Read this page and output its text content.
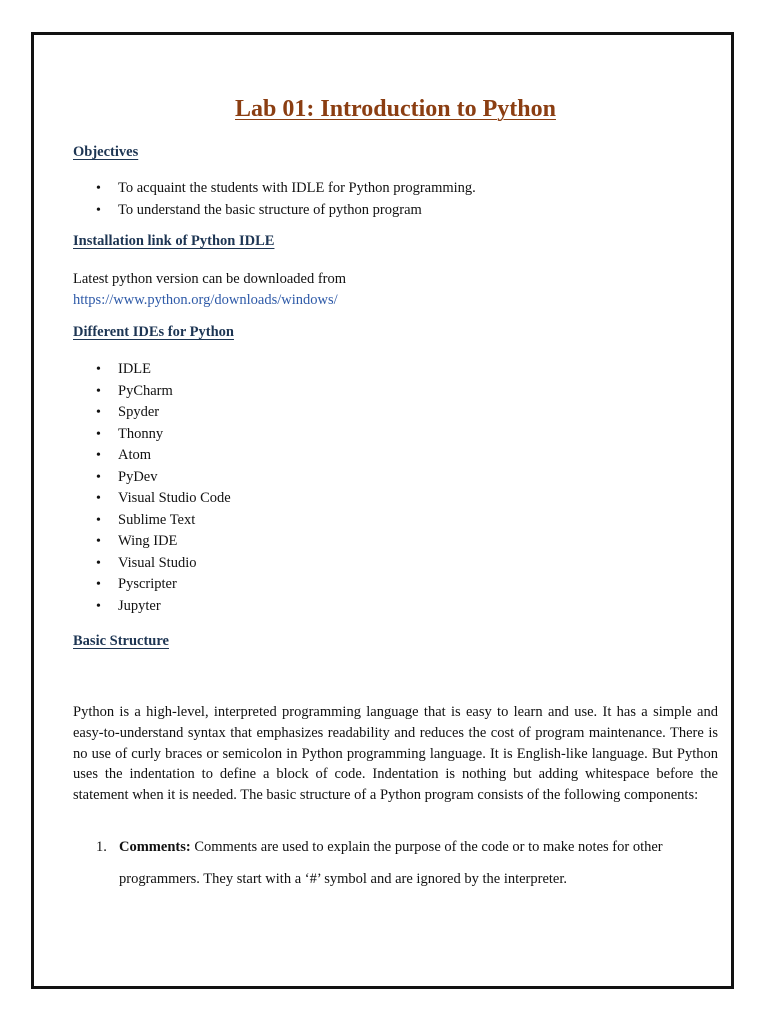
Lab 01: Introduction to Python
Objectives
• To acquaint the students with IDLE for Python programming.
• To understand the basic structure of python program
Installation link of Python IDLE

Latest python version can be downloaded from
https://www.python.org/downloads/windows/

Different IDEs for Python
• IDLE
• PyCharm
• Spyder
• Thonny
• Atom
• PyDev
• Visual Studio Code
• Sublime Text
• Wing IDE
• Visual Studio
• Pyscripter
• Jupyter
Basic Structure

Python is a high-level, interpreted programming language that is easy to learn and use. It has a simple and easy-to-understand syntax that emphasizes readability and reduces the cost of program maintenance. There is no use of curly braces or semicolon in Python programming language. It is English-like language. But Python uses the indentation to define a block of code. Indentation is nothing but adding whitespace before the statement when it is needed. The basic structure of a Python program consists of the following components:

1. Comments: Comments are used to explain the purpose of the code or to make notes for other programmers. They start with a ‘#’ symbol and are ignored by the interpreter.
